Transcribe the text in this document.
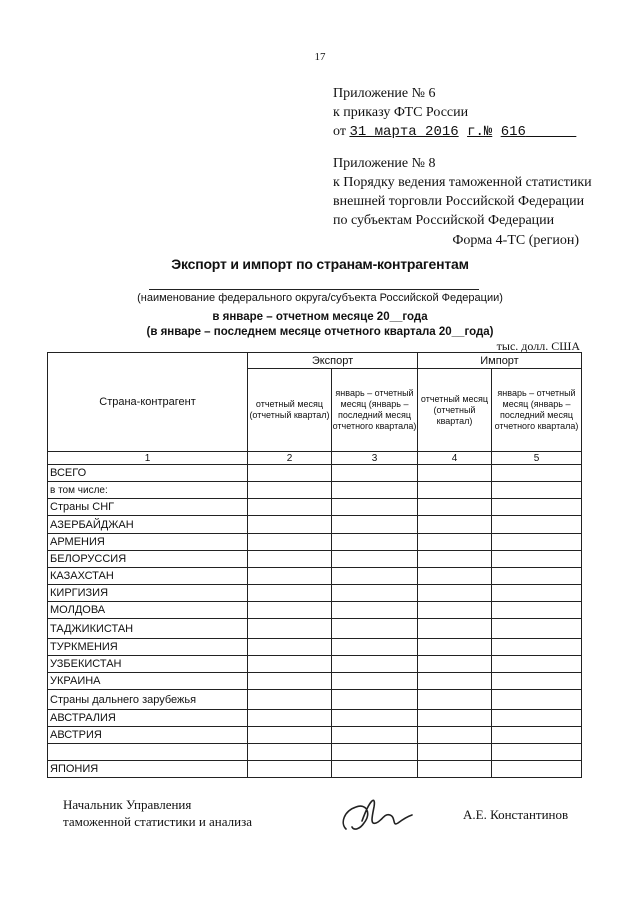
17
Приложение № 6
к приказу ФТС России
от 31 марта 2016 г.№ 616
Приложение № 8
к Порядку ведения таможенной статистики
внешней торговли Российской Федерации
по субъектам Российской Федерации
Форма 4-ТС (регион)
Экспорт и импорт по странам-контрагентам
(наименование федерального округа/субъекта Российской Федерации)
в январе – отчетном месяце 20__года
(в январе – последнем месяце отчетного квартала 20__года)
тыс. долл. США
Страна-контрагент	Экспорт		Импорт	
	отчетный месяц (отчетный квартал)	январь – отчетный месяц (январь – последний месяц отчетного квартала)	отчетный месяц (отчетный квартал)	январь – отчетный месяц (январь – последний месяц отчетного квартала)
1	2	3	4	5
ВСЕГО				
в том числе:				
Страны СНГ				
АЗЕРБАЙДЖАН				
АРМЕНИЯ				
БЕЛОРУССИЯ				
КАЗАХСТАН				
КИРГИЗИЯ				
МОЛДОВА				
ТАДЖИКИСТАН				
ТУРКМЕНИЯ				
УЗБЕКИСТАН				
УКРАИНА				
Страны дальнего зарубежья				
АВСТРАЛИЯ				
АВСТРИЯ				

ЯПОНИЯ				
Начальник Управления
таможенной статистики и анализа	А.Е. Константинов
